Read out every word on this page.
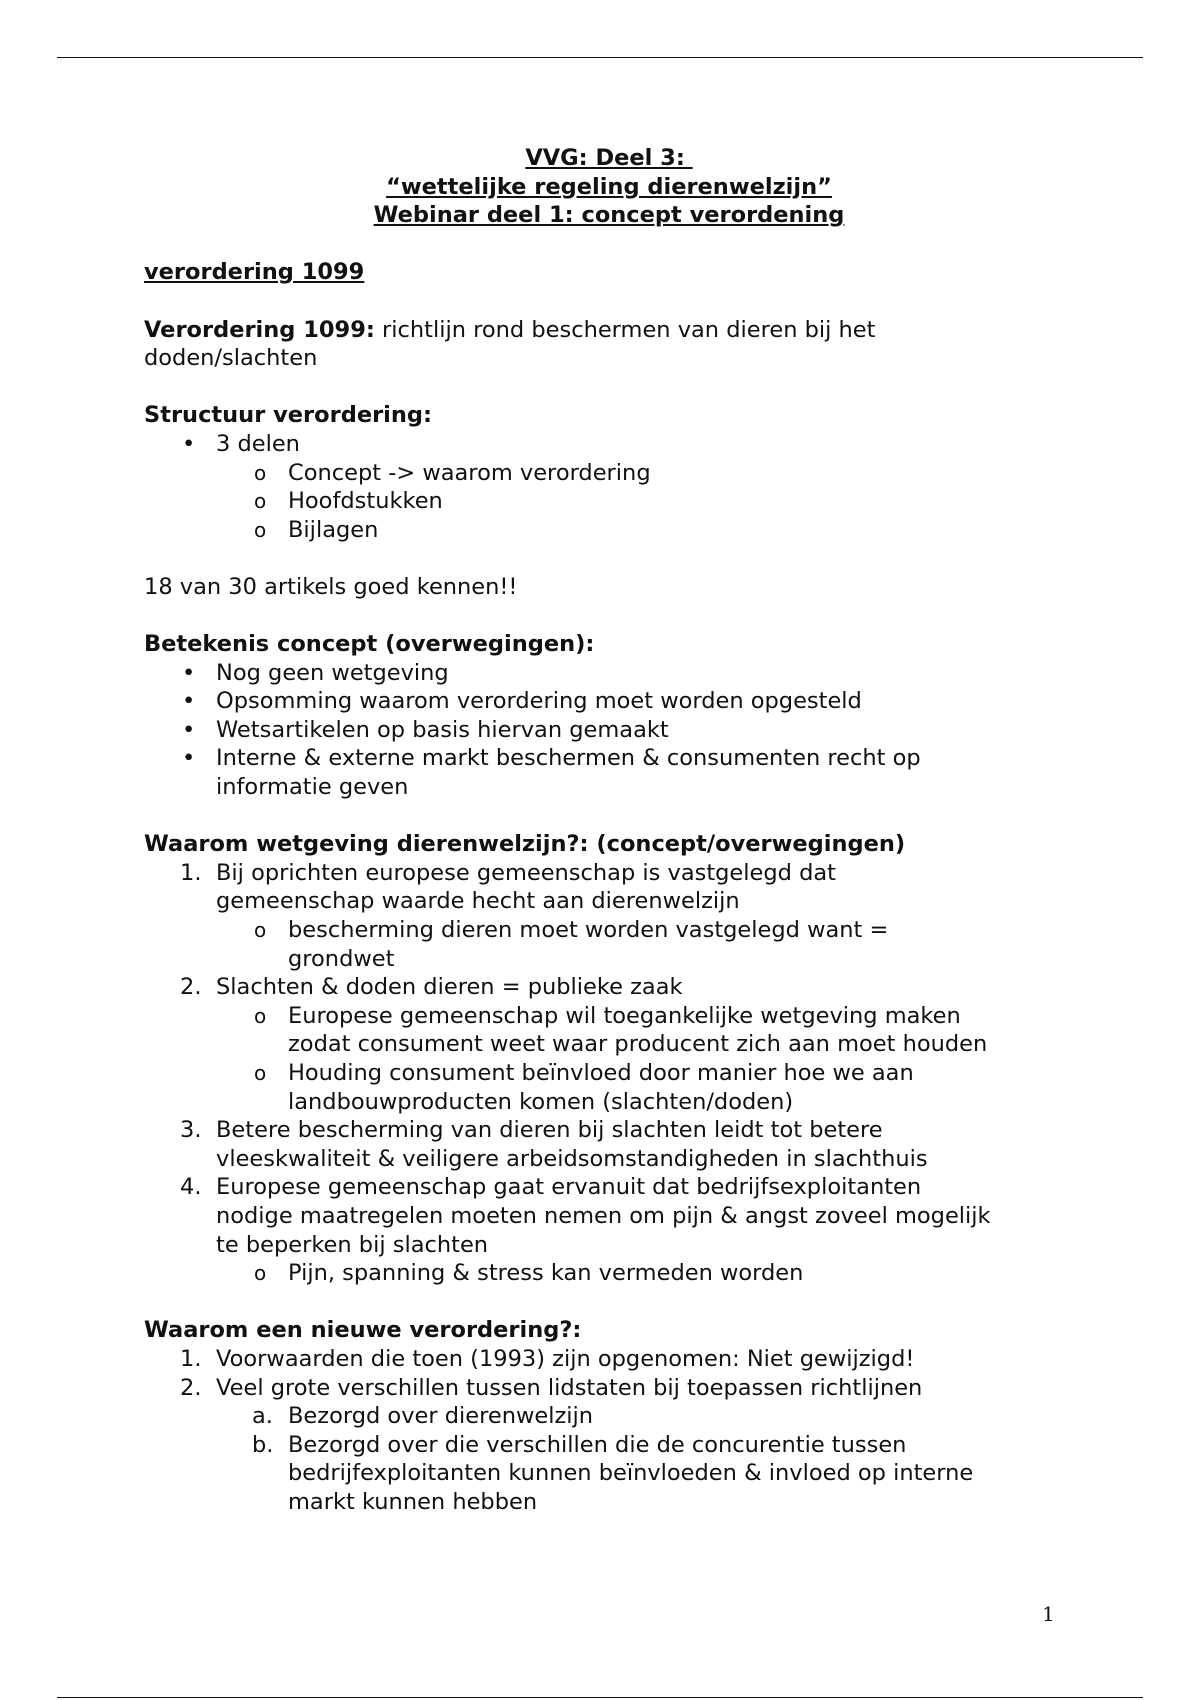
VVG: Deel 3:
“wettelijke regeling dierenwelzijn”
Webinar deel 1: concept verordening
verordering 1099
Verordering 1099: richtlijn rond beschermen van dieren bij het
doden/slachten
Structuur verordering:
• 3 delen
o Concept -> waarom verordering
o Hoofdstukken
o Bijlagen
18 van 30 artikels goed kennen!!
Betekenis concept (overwegingen):
• Nog geen wetgeving
• Opsomming waarom verordering moet worden opgesteld
• Wetsartikelen op basis hiervan gemaakt
• Interne & externe markt beschermen & consumenten recht op
informatie geven
Waarom wetgeving dierenwelzijn?: (concept/overwegingen)
1. Bij oprichten europese gemeenschap is vastgelegd dat
gemeenschap waarde hecht aan dierenwelzijn
o bescherming dieren moet worden vastgelegd want =
grondwet
2. Slachten & doden dieren = publieke zaak
o Europese gemeenschap wil toegankelijke wetgeving maken
zodat consument weet waar producent zich aan moet houden
o Houding consument beïnvloed door manier hoe we aan
landbouwproducten komen (slachten/doden)
3. Betere bescherming van dieren bij slachten leidt tot betere
vleeskwaliteit & veiligere arbeidsomstandigheden in slachthuis
4. Europese gemeenschap gaat ervanuit dat bedrijfsexploitanten
nodige maatregelen moeten nemen om pijn & angst zoveel mogelijk
te beperken bij slachten
o Pijn, spanning & stress kan vermeden worden
Waarom een nieuwe verordering?:
1. Voorwaarden die toen (1993) zijn opgenomen: Niet gewijzigd!
2. Veel grote verschillen tussen lidstaten bij toepassen richtlijnen
a. Bezorgd over dierenwelzijn
b. Bezorgd over die verschillen die de concurentie tussen
bedrijfexploitanten kunnen beïnvloeden & invloed op interne
markt kunnen hebben
1
